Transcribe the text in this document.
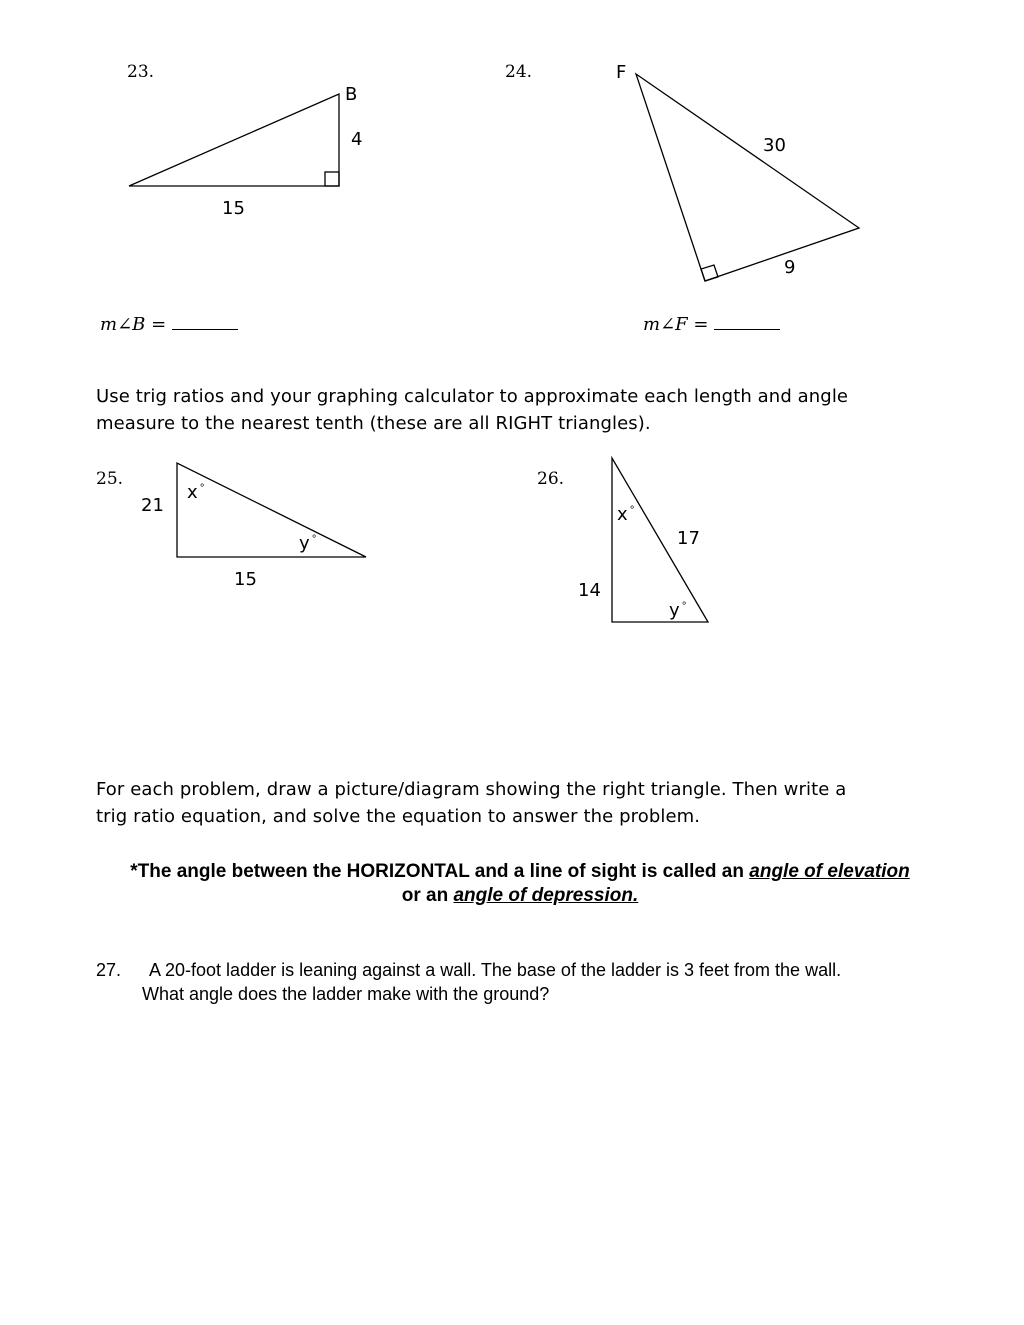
23.
B
4
15
m∠B =
24.	F
30
9
m∠F =
Use trig ratios and your graphing calculator to approximate each length and angle
measure to the nearest tenth (these are all RIGHT triangles).
25.
21
x °
y °
15
26.
x °
17
14
y °
For each problem, draw a picture/diagram showing the right triangle. Then write a
trig ratio equation, and solve the equation to answer the problem.
*The angle between the HORIZONTAL and a line of sight is called an angle of elevation or an angle of depression.
27.	A 20-foot ladder is leaning against a wall. The base of the ladder is 3 feet from the wall.
What angle does the ladder make with the ground?
